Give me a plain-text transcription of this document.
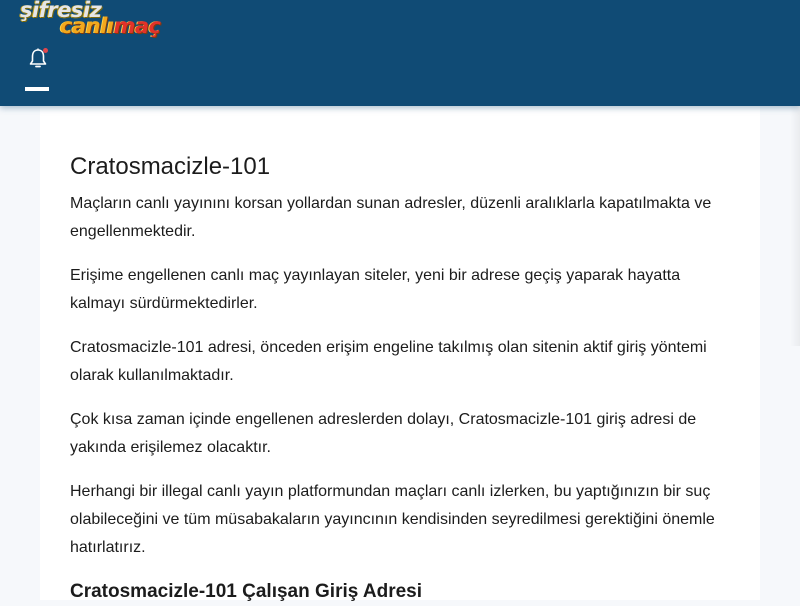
şifresiz
canlımaç
Cratosmacizle-101

Maçların canlı yayınını korsan yollardan sunan adresler, düzenli aralıklarla kapatılmakta ve engellenmektedir.

Erişime engellenen canlı maç yayınlayan siteler, yeni bir adrese geçiş yaparak hayatta kalmayı sürdürmektedirler.

Cratosmacizle-101 adresi, önceden erişim engeline takılmış olan sitenin aktif giriş yöntemi olarak kullanılmaktadır.

Çok kısa zaman içinde engellenen adreslerden dolayı, Cratosmacizle-101 giriş adresi de yakında erişilemez olacaktır.

Herhangi bir illegal canlı yayın platformundan maçları canlı izlerken, bu yaptığınızın bir suç olabileceğini ve tüm müsabakaların yayıncının kendisinden seyredilmesi gerektiğini önemle hatırlatırız.

Cratosmacizle-101 Çalışan Giriş Adresi
